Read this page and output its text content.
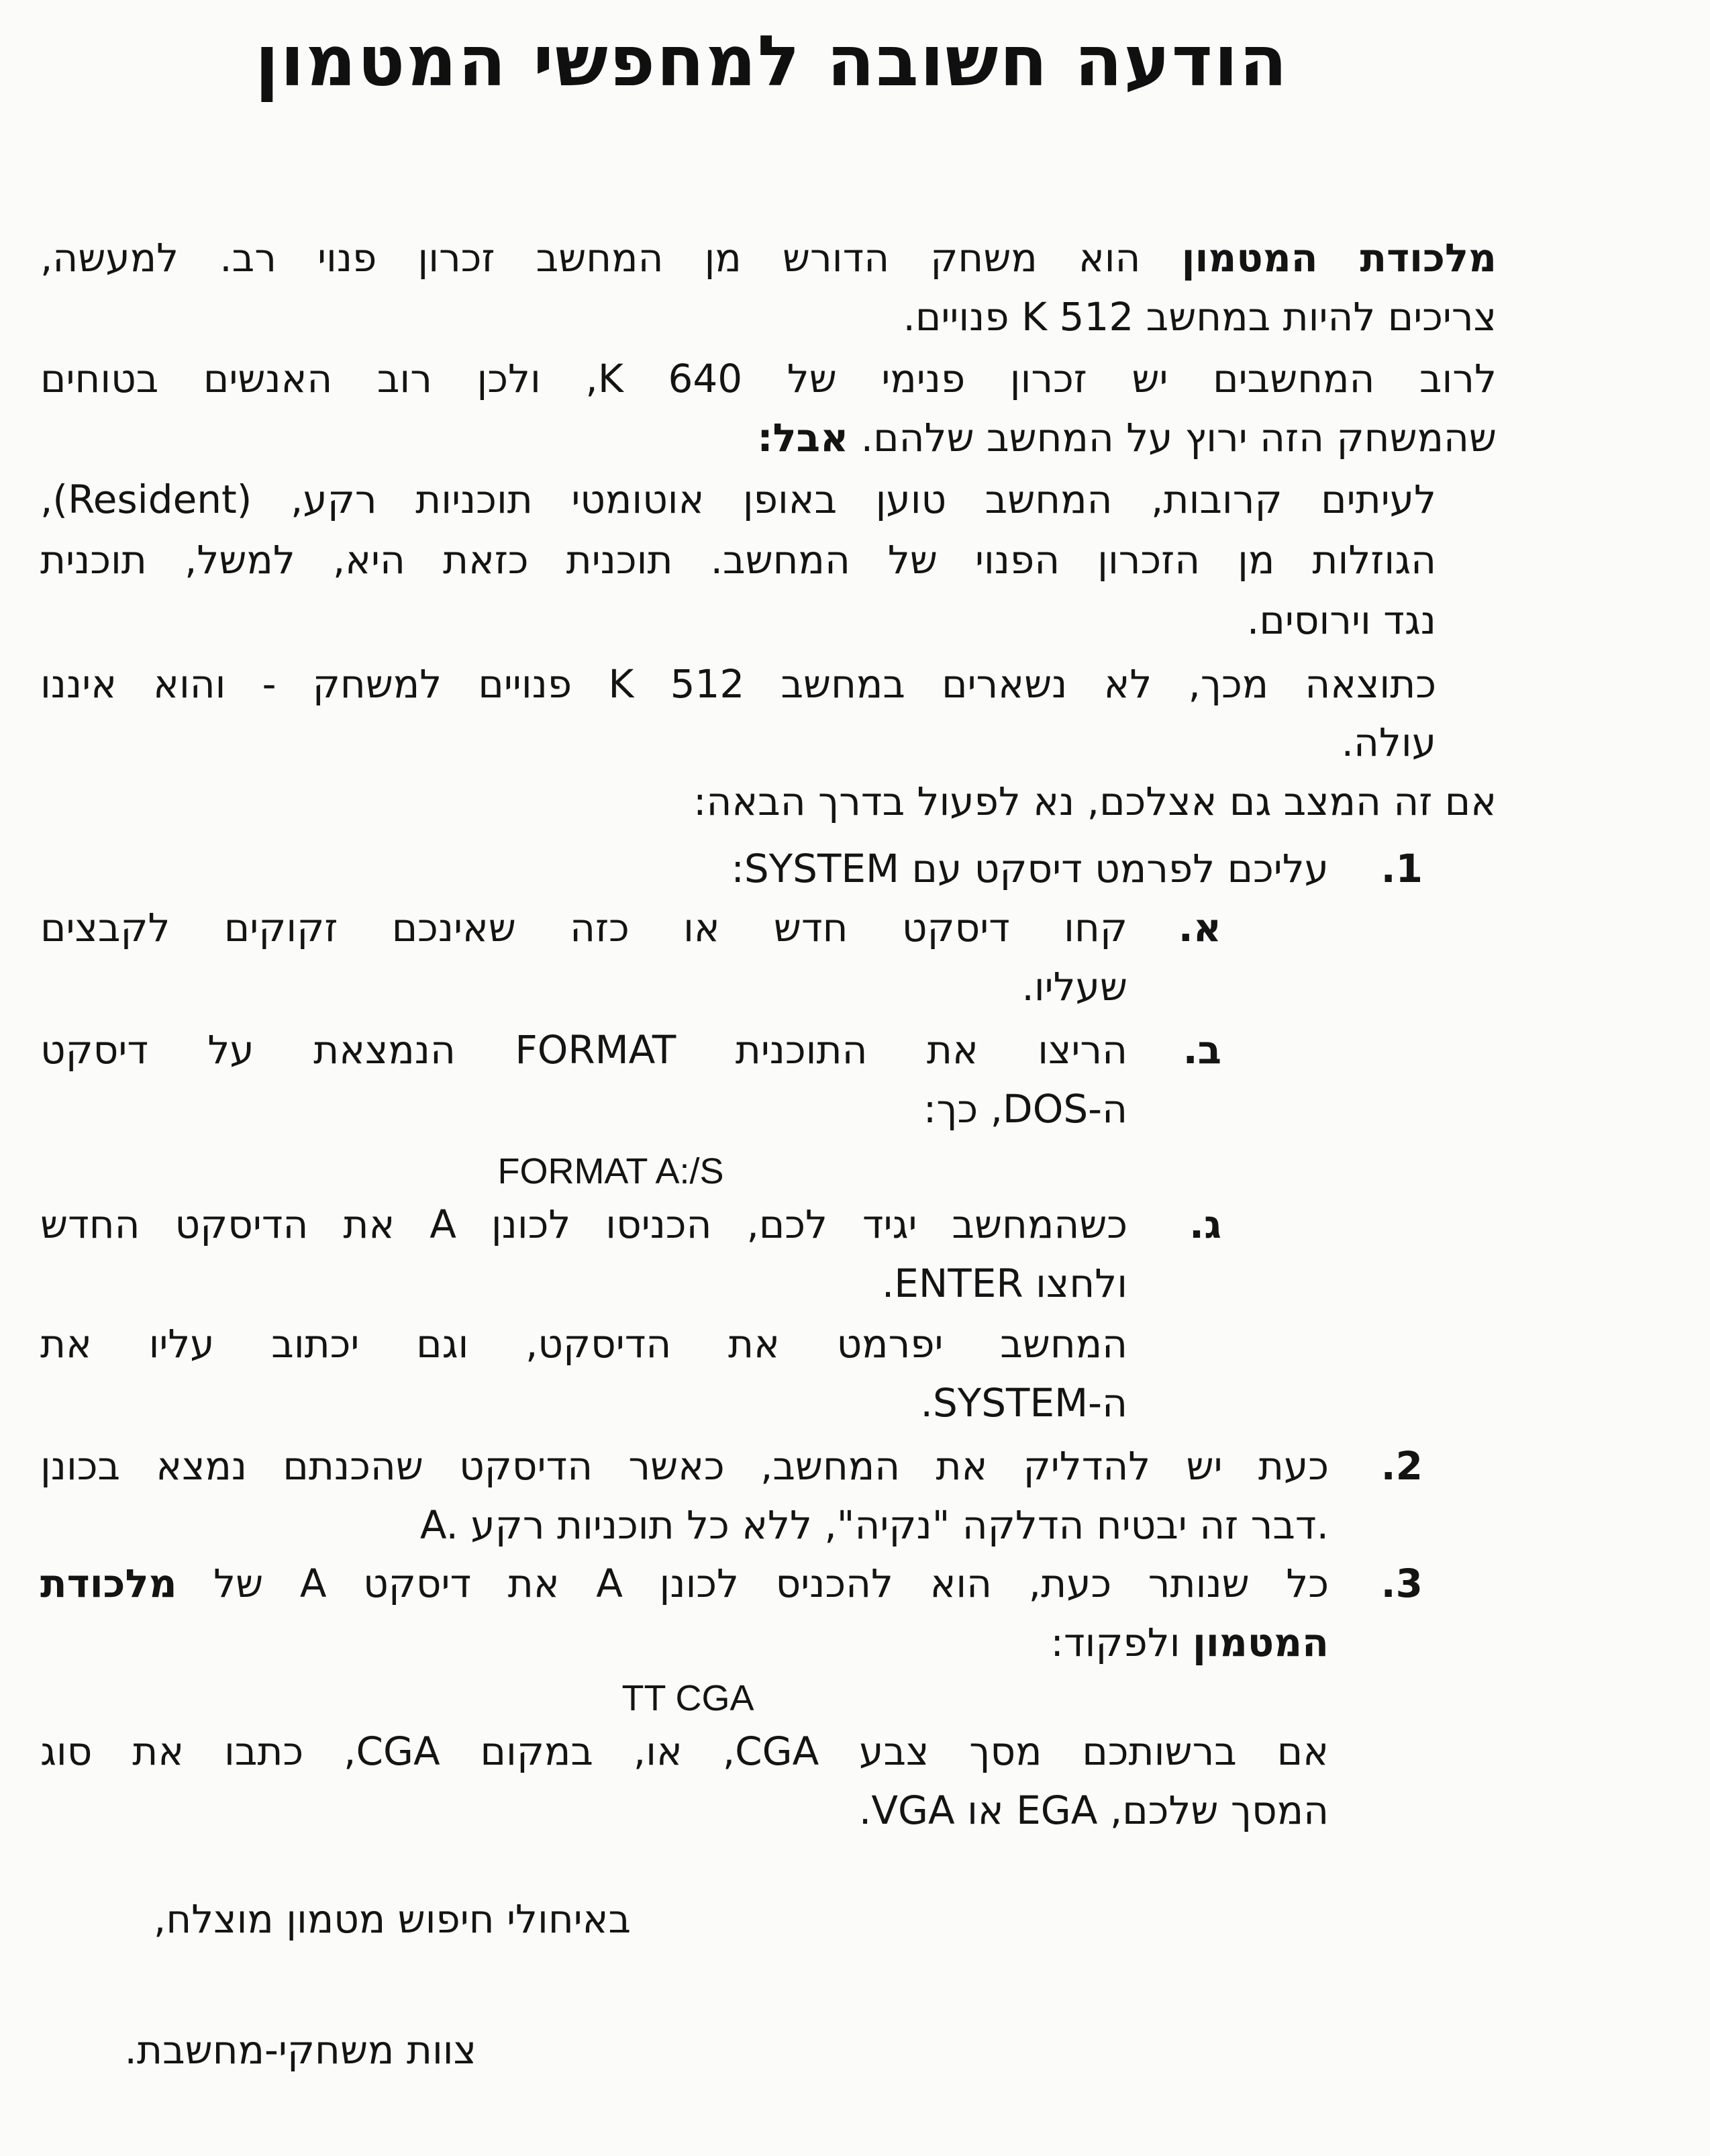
הודעה חשובה למחפשי המטמון
מלכודת המטמון הוא משחק הדורש מן המחשב זכרון פנוי רב. למעשה,
צריכים להיות במחשב 512 K פנויים.
לרוב המחשבים יש זכרון פנימי של 640 K, ולכן רוב האנשים בטוחים
שהמשחק הזה ירוץ על המחשב שלהם. אבל:
לעיתים קרובות, המחשב טוען באופן אוטומטי תוכניות רקע, (Resident),
הגוזלות מן הזכרון הפנוי של המחשב. תוכנית כזאת היא, למשל, תוכנית
נגד וירוסים.
כתוצאה מכך, לא נשארים במחשב 512 K פנויים למשחק - והוא איננו
עולה.
אם זה המצב גם אצלכם, נא לפעול בדרך הבאה:
1.
עליכם לפרמט דיסקט עם SYSTEM:
א.
קחו דיסקט חדש או כזה שאינכם זקוקים לקבצים
שעליו.
ב.
הריצו את התוכנית FORMAT הנמצאת על דיסקט
ה-DOS, כך:
FORMAT A:/S
ג.
כשהמחשב יגיד לכם, הכניסו לכונן A את הדיסקט החדש
ולחצו ENTER.
המחשב יפרמט את הדיסקט, וגם יכתוב עליו את
ה-SYSTEM.
2.
כעת יש להדליק את המחשב, כאשר הדיסקט שהכנתם נמצא בכונן
A. דבר זה יבטיח הדלקה "נקיה", ללא כל תוכניות רקע.
3.
כל שנותר כעת, הוא להכניס לכונן A את דיסקט A של מלכודת
המטמון ולפקוד:
TT CGA
אם ברשותכם מסך צבע CGA, או, במקום CGA, כתבו את סוג
המסך שלכם, EGA או VGA.
באיחולי חיפוש מטמון מוצלח,
צוות משחקי-מחשבת.
